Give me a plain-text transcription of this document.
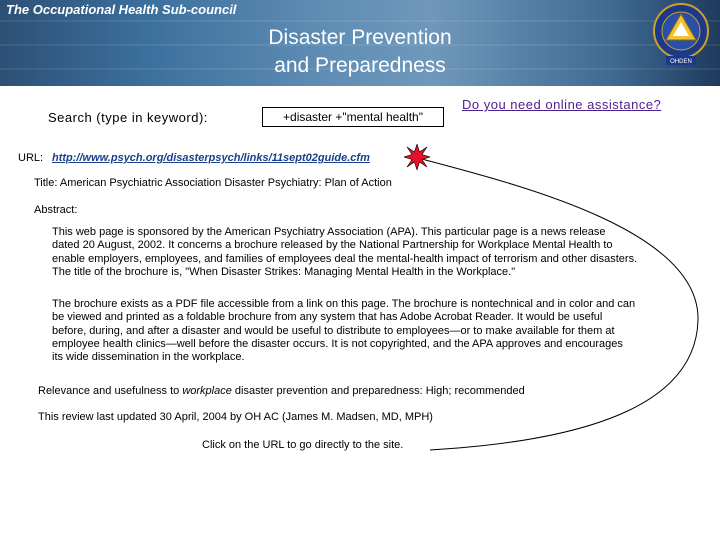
The Occupational Health Sub-council
Disaster Prevention
and Preparedness	OHDEN
Search (type in keyword):	+disaster +"mental health"
Do you need online assistance?
URL: http://www.psych.org/disasterpsych/links/11sept02guide.cfm
Title: American Psychiatric Association Disaster Psychiatry: Plan of Action
Abstract:
This web page is sponsored by the American Psychiatry Association (APA). This particular page is a news release
dated 20 August, 2002. It concerns a brochure released by the National Partnership for Workplace Mental Health to
enable employers, employees, and families of employees deal the mental-health impact of terrorism and other disasters.
The title of the brochure is, "When Disaster Strikes: Managing Mental Health in the Workplace."
The brochure exists as a PDF file accessible from a link on this page. The brochure is nontechnical and in color and can
be viewed and printed as a foldable brochure from any system that has Adobe Acrobat Reader. It would be useful
before, during, and after a disaster and would be useful to distribute to employees—or to make available for them at
employee health clinics—well before the disaster occurs. It is not copyrighted, and the APA approves and encourages
its wide dissemination in the workplace.
Relevance and usefulness to workplace disaster prevention and preparedness: High; recommended
This review last updated 30 April, 2004 by OH AC (James M. Madsen, MD, MPH)
Click on the URL to go directly to the site.
